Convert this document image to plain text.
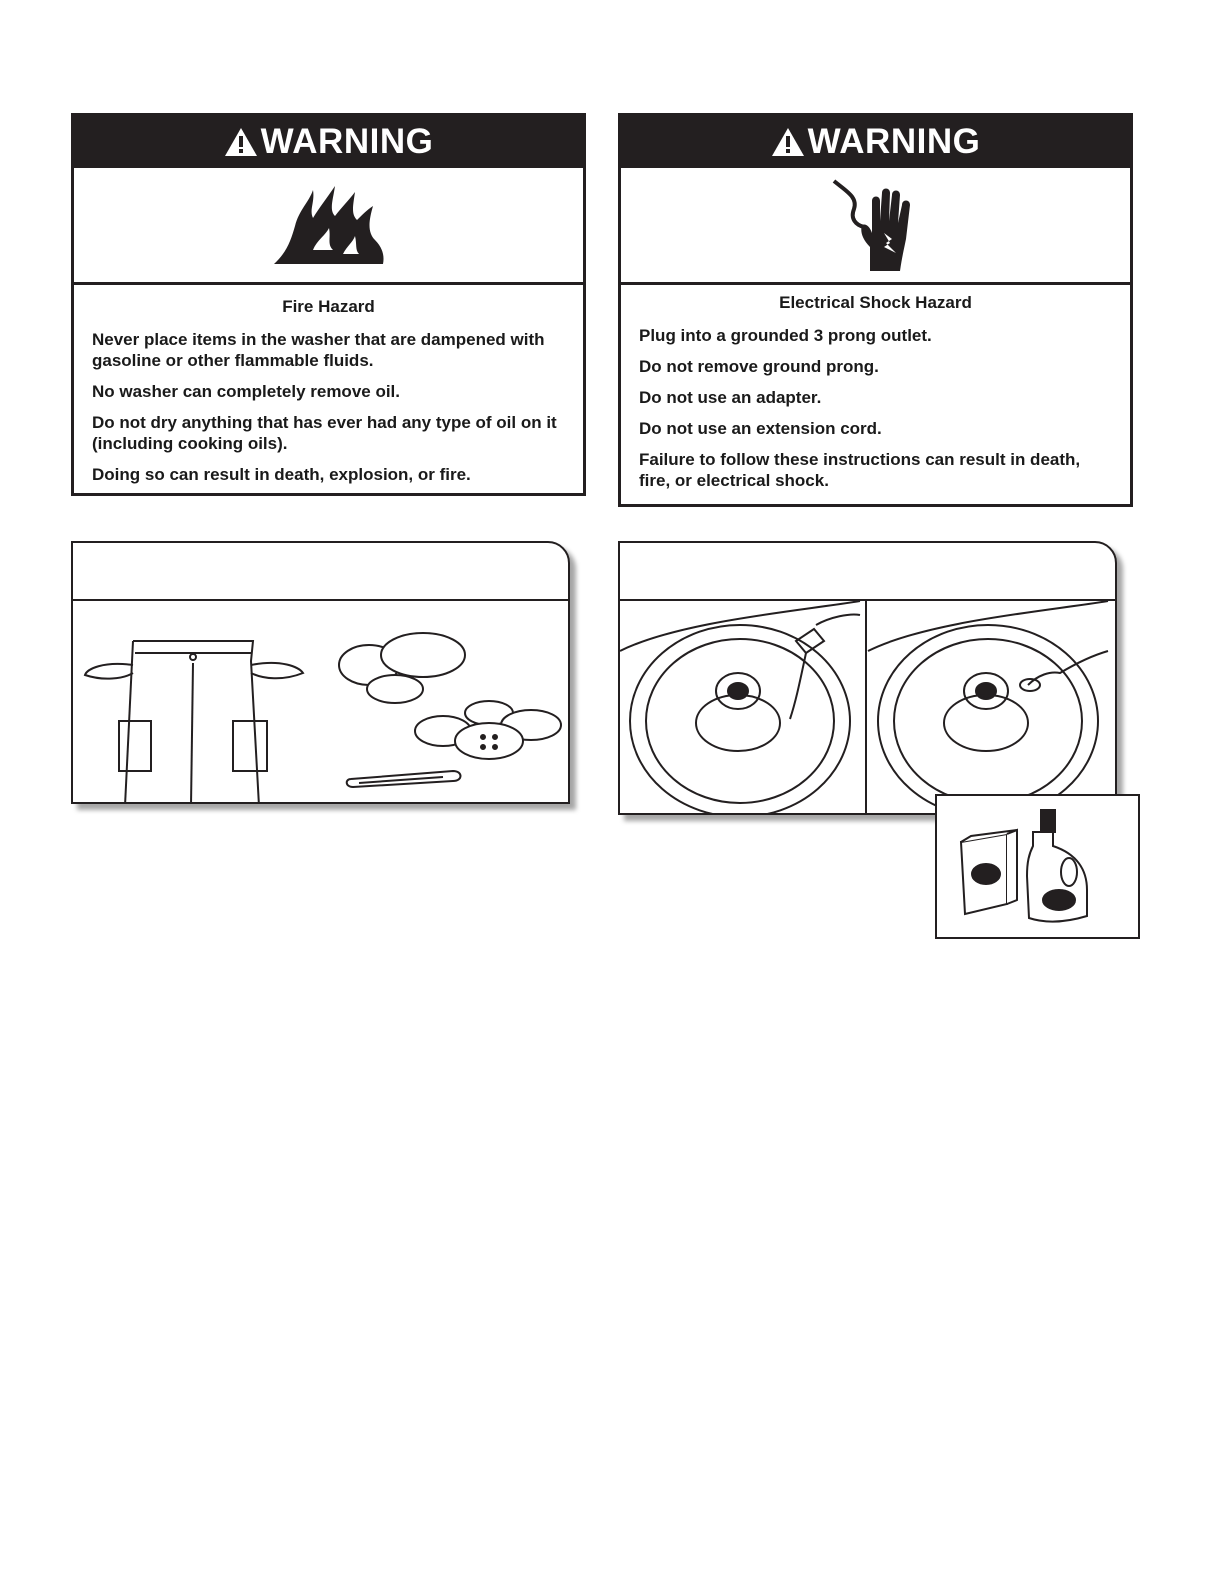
WARNING
Fire Hazard

Never place items in the washer that are dampened with gasoline or other flammable fluids.

No washer can completely remove oil.

Do not dry anything that has ever had any type of oil on it (including cooking oils).

Doing so can result in death, explosion, or fire.

WARNING
Electrical Shock Hazard

Plug into a grounded 3 prong outlet.

Do not remove ground prong.

Do not use an adapter.

Do not use an extension cord.

Failure to follow these instructions can result in death, fire, or electrical shock.
